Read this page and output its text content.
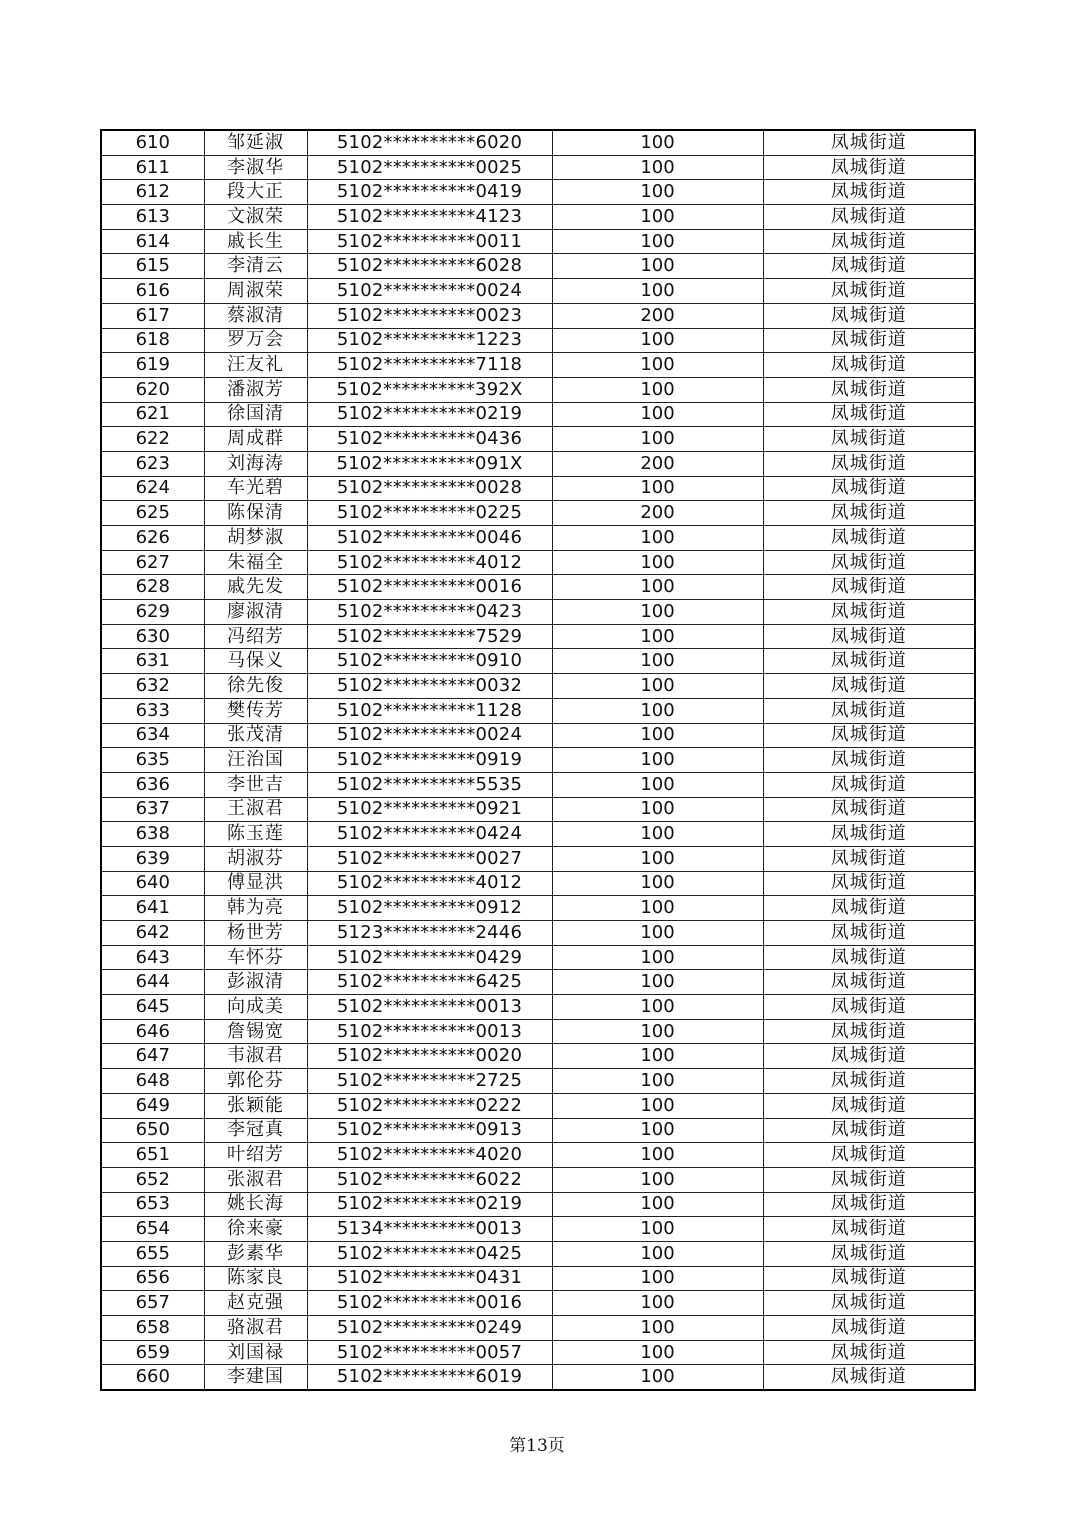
610	邹延淑	5102**********6020	100	凤城街道
611	李淑华	5102**********0025	100	凤城街道
612	段大正	5102**********0419	100	凤城街道
613	文淑荣	5102**********4123	100	凤城街道
614	戚长生	5102**********0011	100	凤城街道
615	李清云	5102**********6028	100	凤城街道
616	周淑荣	5102**********0024	100	凤城街道
617	蔡淑清	5102**********0023	200	凤城街道
618	罗万会	5102**********1223	100	凤城街道
619	汪友礼	5102**********7118	100	凤城街道
620	潘淑芳	5102**********392X	100	凤城街道
621	徐国清	5102**********0219	100	凤城街道
622	周成群	5102**********0436	100	凤城街道
623	刘海涛	5102**********091X	200	凤城街道
624	车光碧	5102**********0028	100	凤城街道
625	陈保清	5102**********0225	200	凤城街道
626	胡梦淑	5102**********0046	100	凤城街道
627	朱福全	5102**********4012	100	凤城街道
628	戚先发	5102**********0016	100	凤城街道
629	廖淑清	5102**********0423	100	凤城街道
630	冯绍芳	5102**********7529	100	凤城街道
631	马保义	5102**********0910	100	凤城街道
632	徐先俊	5102**********0032	100	凤城街道
633	樊传芳	5102**********1128	100	凤城街道
634	张茂清	5102**********0024	100	凤城街道
635	汪治国	5102**********0919	100	凤城街道
636	李世吉	5102**********5535	100	凤城街道
637	王淑君	5102**********0921	100	凤城街道
638	陈玉莲	5102**********0424	100	凤城街道
639	胡淑芬	5102**********0027	100	凤城街道
640	傅显洪	5102**********4012	100	凤城街道
641	韩为亮	5102**********0912	100	凤城街道
642	杨世芳	5123**********2446	100	凤城街道
643	车怀芬	5102**********0429	100	凤城街道
644	彭淑清	5102**********6425	100	凤城街道
645	向成美	5102**********0013	100	凤城街道
646	詹锡宽	5102**********0013	100	凤城街道
647	韦淑君	5102**********0020	100	凤城街道
648	郭伦芬	5102**********2725	100	凤城街道
649	张颖能	5102**********0222	100	凤城街道
650	李冠真	5102**********0913	100	凤城街道
651	叶绍芳	5102**********4020	100	凤城街道
652	张淑君	5102**********6022	100	凤城街道
653	姚长海	5102**********0219	100	凤城街道
654	徐来豪	5134**********0013	100	凤城街道
655	彭素华	5102**********0425	100	凤城街道
656	陈家良	5102**********0431	100	凤城街道
657	赵克强	5102**********0016	100	凤城街道
658	骆淑君	5102**********0249	100	凤城街道
659	刘国禄	5102**********0057	100	凤城街道
660	李建国	5102**********6019	100	凤城街道
第13页
